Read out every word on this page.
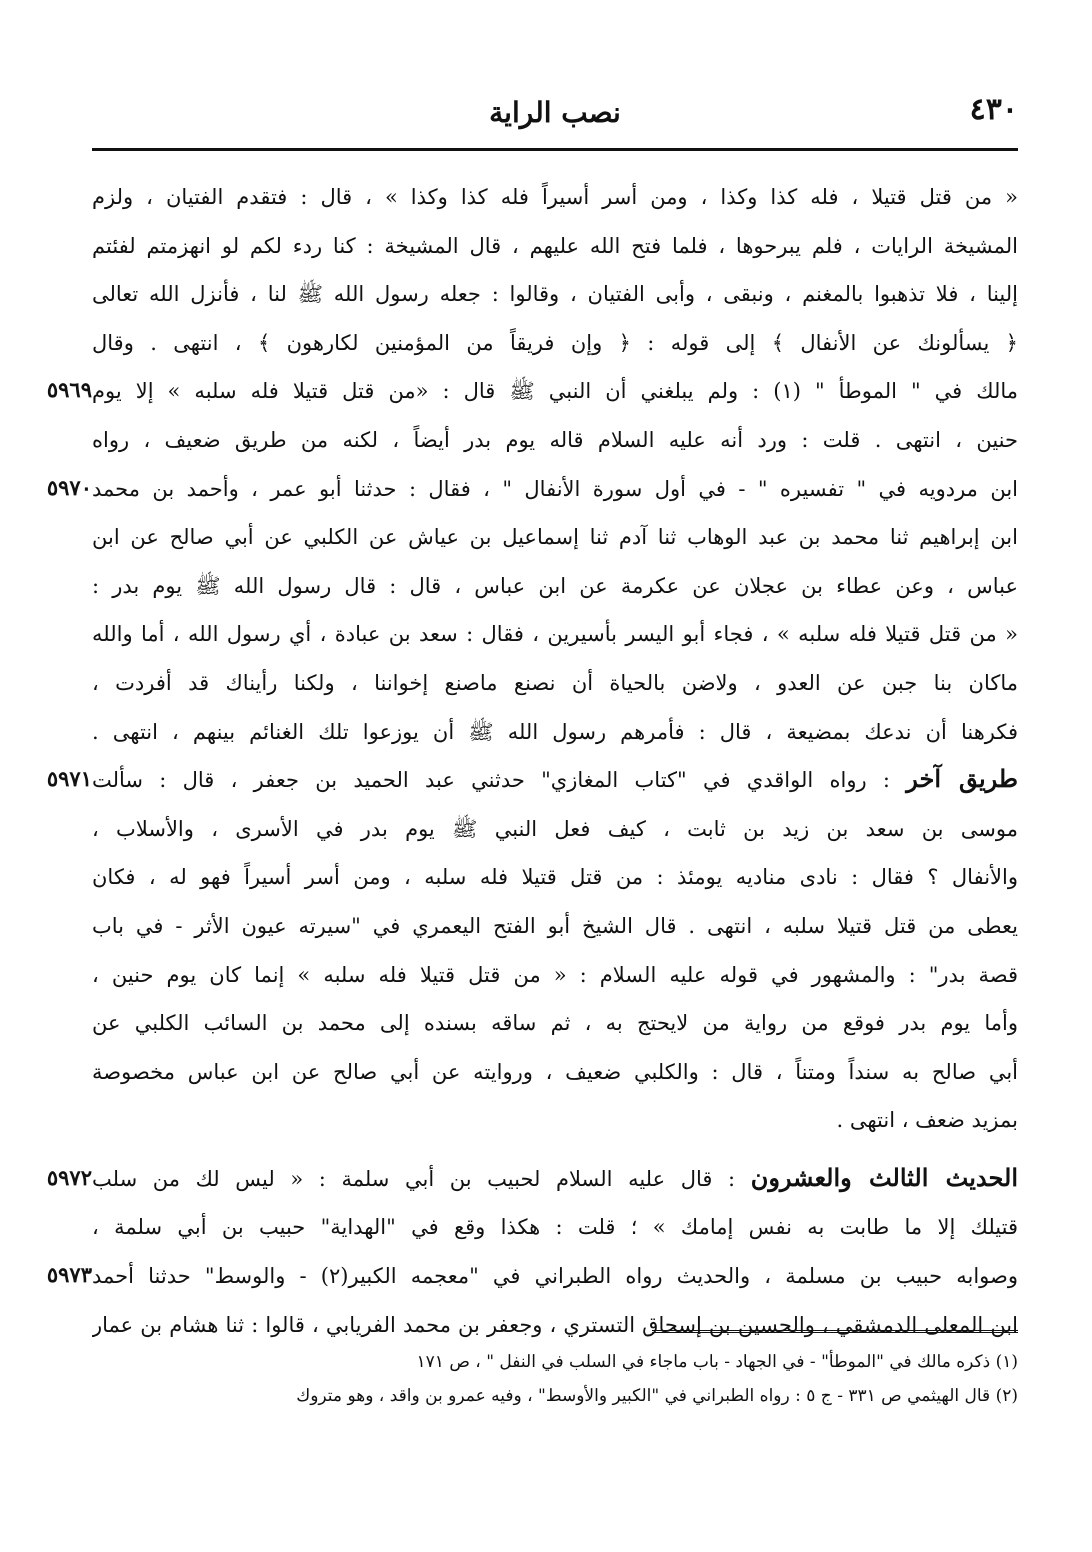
٤٣٠
نصب الراية
« من قتل قتيلا ، فله كذا وكذا ، ومن أسر أسيراً فله كذا وكذا » ، قال : فتقدم الفتيان ، ولزم
المشيخة الرايات ، فلم يبرحوها ، فلما فتح الله عليهم ، قال المشيخة : كنا ردء لكم لو انهزمتم لفئتم
إلينا ، فلا تذهبوا بالمغنم ، ونبقى ، وأبى الفتيان ، وقالوا : جعله رسول الله ﷺ لنا ، فأنزل الله تعالى
﴿ يسألونك عن الأنفال ﴾ إلى قوله : ﴿ وإن فريقاً من المؤمنين لكارهون ﴾ ، انتهى . وقال
٥٩٦٩ مالك في " الموطأ " (١) : ولم يبلغني أن النبي ﷺ قال : «من قتل قتيلا فله سلبه » إلا يوم
حنين ، انتهى . قلت : ورد أنه عليه السلام قاله يوم بدر أيضاً ، لكنه من طريق ضعيف ، رواه
٥٩٧٠ ابن مردويه في " تفسيره " - في أول سورة الأنفال " ، فقال : حدثنا أبو عمر ، وأحمد بن محمد
ابن إبراهيم ثنا محمد بن عبد الوهاب ثنا آدم ثنا إسماعيل بن عياش عن الكلبي عن أبي صالح عن ابن
عباس ، وعن عطاء بن عجلان عن عكرمة عن ابن عباس ، قال : قال رسول الله ﷺ يوم بدر :
« من قتل قتيلا فله سلبه » ، فجاء أبو اليسر بأسيرين ، فقال : سعد بن عبادة ، أي رسول الله ، أما والله
ماكان بنا جبن عن العدو ، ولاضن بالحياة أن نصنع ماصنع إخواننا ، ولكنا رأيناك قد أفردت ،
فكرهنا أن ندعك بمضيعة ، قال : فأمرهم رسول الله ﷺ أن يوزعوا تلك الغنائم بينهم ، انتهى .
٥٩٧١	طريق آخر : رواه الواقدي في "كتاب المغازي" حدثني عبد الحميد بن جعفر ، قال : سألت
موسى بن سعد بن زيد بن ثابت ، كيف فعل النبي ﷺ يوم بدر في الأسرى ، والأسلاب ،
والأنفال ؟ فقال : نادى مناديه يومئذ : من قتل قتيلا فله سلبه ، ومن أسر أسيراً فهو له ، فكان
يعطى من قتل قتيلا سلبه ، انتهى . قال الشيخ أبو الفتح اليعمري في "سيرته عيون الأثر - في باب
قصة بدر" : والمشهور في قوله عليه السلام : « من قتل قتيلا فله سلبه » إنما كان يوم حنين ،
وأما يوم بدر فوقع من رواية من لايحتج به ، ثم ساقه بسنده إلى محمد بن السائب الكلبي عن
أبي صالح به سنداً ومتناً ، قال : والكلبي ضعيف ، وروايته عن أبي صالح عن ابن عباس مخصوصة
بمزيد ضعف ، انتهى .
٥٩٧٢	الحديث الثالث والعشرون : قال عليه السلام لحبيب بن أبي سلمة : « ليس لك من سلب
قتيلك إلا ما طابت به نفس إمامك » ؛ قلت : هكذا وقع في "الهداية" حبيب بن أبي سلمة ،
٥٩٧٣ وصوابه حبيب بن مسلمة ، والحديث رواه الطبراني في "معجمه الكبير(٢) - والوسط" حدثنا أحمد
ابن المعلى الدمشقي ، والحسين بن إسحاق التستري ، وجعفر بن محمد الفريابي ، قالوا : ثنا هشام بن عمار
(١) ذكره مالك في "الموطأ" - في الجهاد - باب ماجاء في السلب في النفل " ، ص ١٧١
(٢) قال الهيثمي ص ٣٣١ - ج ٥ : رواه الطبراني في "الكبير والأوسط" ، وفيه عمرو بن واقد ، وهو متروك
